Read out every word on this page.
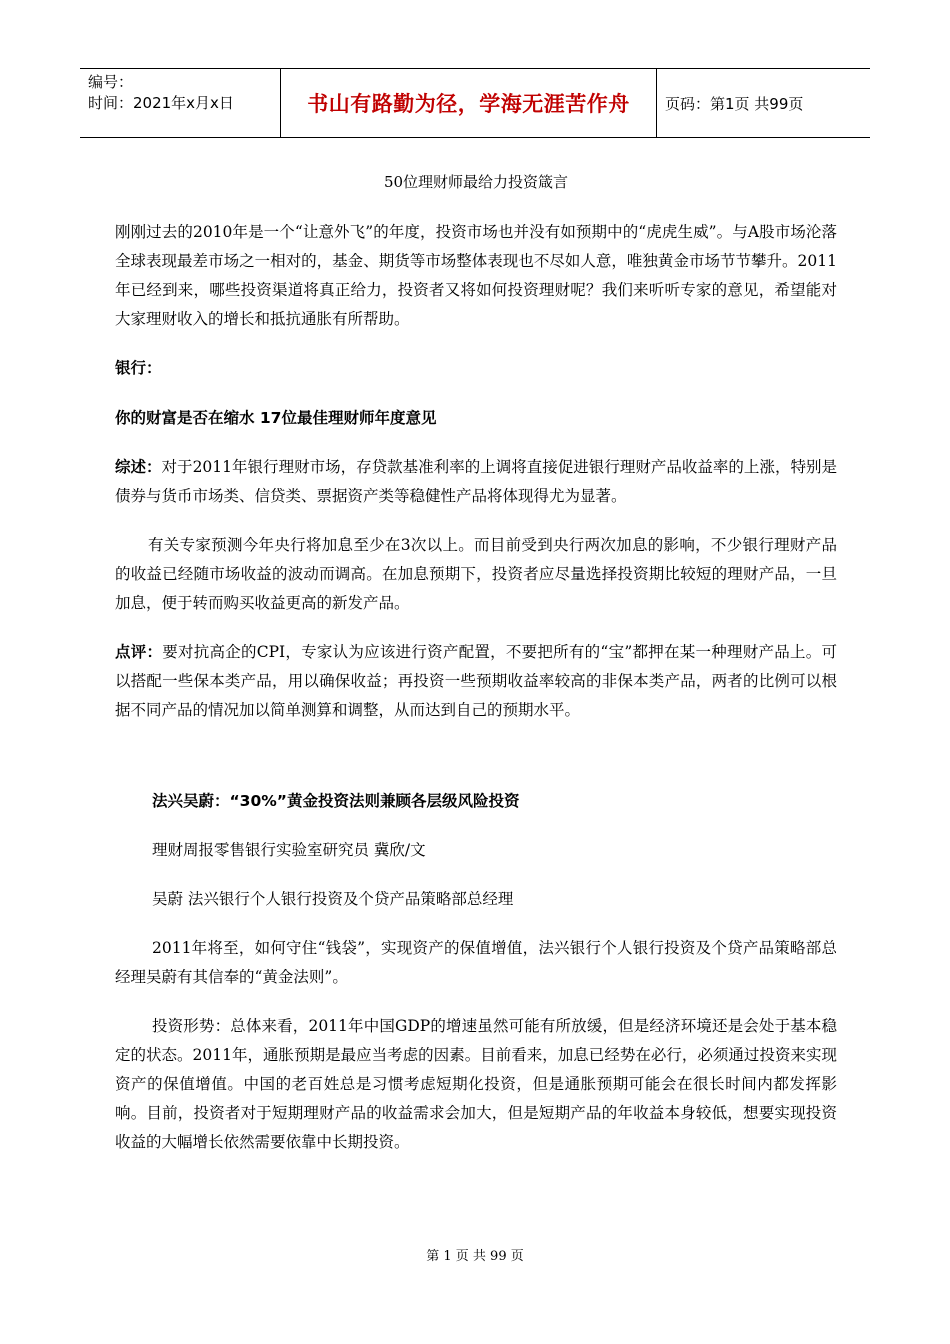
编号：
时间：2021年x月x日	书山有路勤为径，学海无涯苦作舟	页码：第1页 共99页

50位理财师最给力投资箴言

刚刚过去的2010年是一个“让意外飞”的年度，投资市场也并没有如预期中的“虎虎生威”。与A股市场沦落全球表现最差市场之一相对的，基金、期货等市场整体表现也不尽如人意，唯独黄金市场节节攀升。2011年已经到来，哪些投资渠道将真正给力，投资者又将如何投资理财呢？我们来听听专家的意见，希望能对大家理财收入的增长和抵抗通胀有所帮助。

银行：

你的财富是否在缩水 17位最佳理财师年度意见

综述：对于2011年银行理财市场，存贷款基准利率的上调将直接促进银行理财产品收益率的上涨，特别是债券与货币市场类、信贷类、票据资产类等稳健性产品将体现得尤为显著。

有关专家预测今年央行将加息至少在3次以上。而目前受到央行两次加息的影响，不少银行理财产品的收益已经随市场收益的波动而调高。在加息预期下，投资者应尽量选择投资期比较短的理财产品，一旦加息，便于转而购买收益更高的新发产品。

点评：要对抗高企的CPI，专家认为应该进行资产配置，不要把所有的“宝”都押在某一种理财产品上。可以搭配一些保本类产品，用以确保收益；再投资一些预期收益率较高的非保本类产品，两者的比例可以根据不同产品的情况加以简单测算和调整，从而达到自己的预期水平。

法兴吴蔚：“30%”黄金投资法则兼顾各层级风险投资

理财周报零售银行实验室研究员 冀欣/文

吴蔚 法兴银行个人银行投资及个贷产品策略部总经理

2011年将至，如何守住“钱袋”，实现资产的保值增值，法兴银行个人银行投资及个贷产品策略部总经理吴蔚有其信奉的“黄金法则”。

投资形势：总体来看，2011年中国GDP的增速虽然可能有所放缓，但是经济环境还是会处于基本稳定的状态。2011年，通胀预期是最应当考虑的因素。目前看来，加息已经势在必行，必须通过投资来实现资产的保值增值。中国的老百姓总是习惯考虑短期化投资，但是通胀预期可能会在很长时间内都发挥影响。目前，投资者对于短期理财产品的收益需求会加大，但是短期产品的年收益本身较低，想要实现投资收益的大幅增长依然需要依靠中长期投资。

第 1 页 共 99 页
